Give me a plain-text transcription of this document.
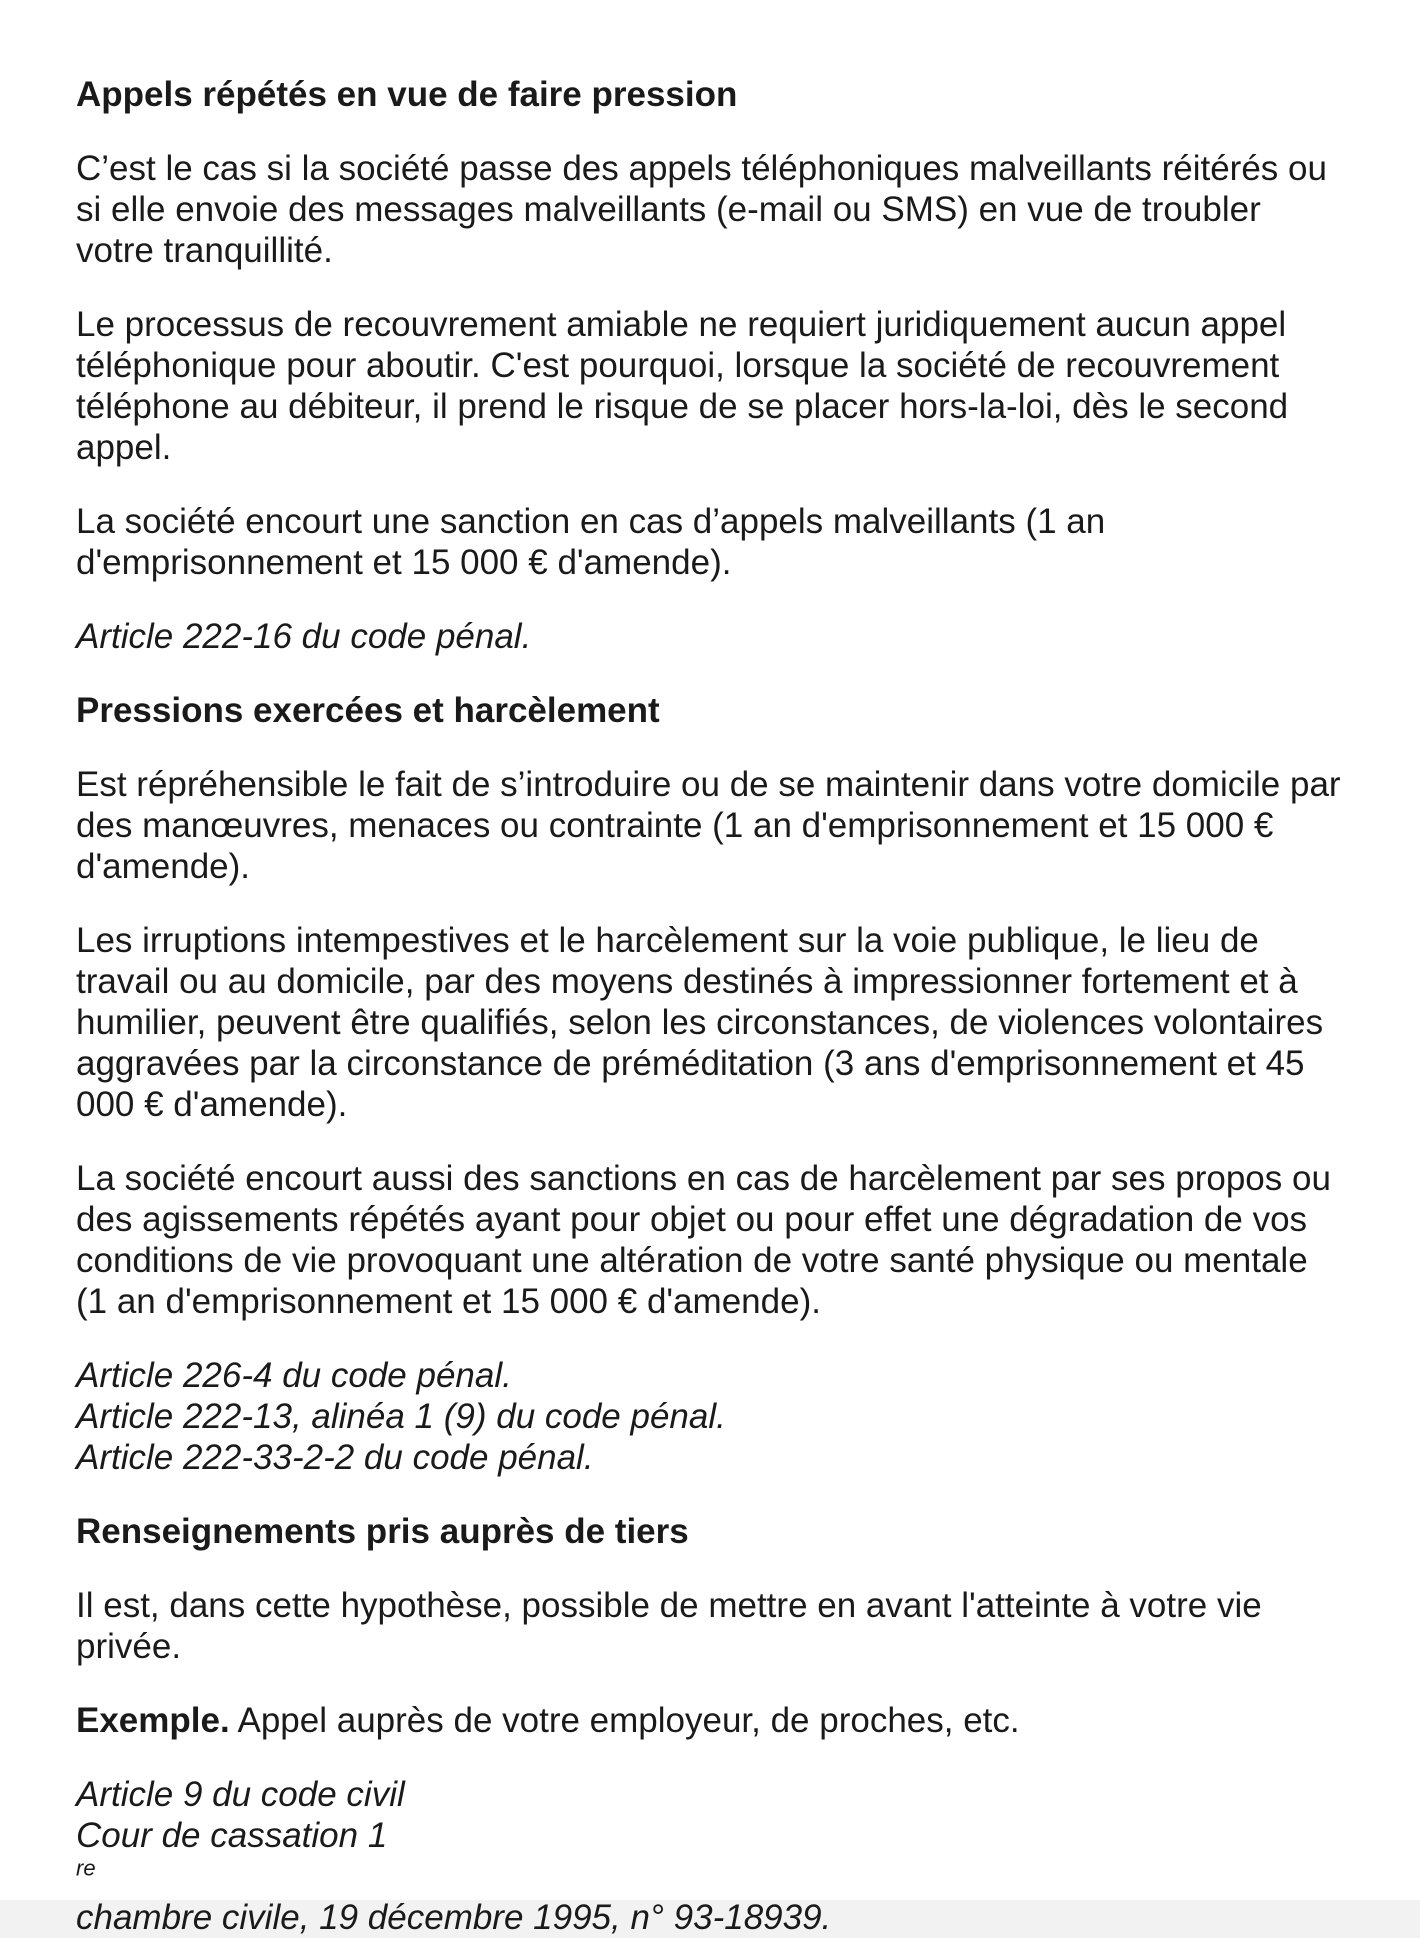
Appels répétés en vue de faire pression

C’est le cas si la société passe des appels téléphoniques malveillants réitérés ou si elle envoie des messages malveillants (e-mail ou SMS) en vue de troubler votre tranquillité.

Le processus de recouvrement amiable ne requiert juridiquement aucun appel téléphonique pour aboutir. C'est pourquoi, lorsque la société de recouvrement téléphone au débiteur, il prend le risque de se placer hors-la-loi, dès le second appel.

La société encourt une sanction en cas d’appels malveillants (1 an d'emprisonnement et 15 000 € d'amende).

Article 222-16 du code pénal.

Pressions exercées et harcèlement

Est répréhensible le fait de s’introduire ou de se maintenir dans votre domicile par des manœuvres, menaces ou contrainte (1 an d'emprisonnement et 15 000 € d'amende).

Les irruptions intempestives et le harcèlement sur la voie publique, le lieu de travail ou au domicile, par des moyens destinés à impressionner fortement et à humilier, peuvent être qualifiés, selon les circonstances, de violences volontaires aggravées par la circonstance de préméditation (3 ans d'emprisonnement et 45 000 € d'amende).

La société encourt aussi des sanctions en cas de harcèlement par ses propos ou des agissements répétés ayant pour objet ou pour effet une dégradation de vos conditions de vie provoquant une altération de votre santé physique ou mentale (1 an d'emprisonnement et 15 000 € d'amende).

Article 226-4 du code pénal.
Article 222-13, alinéa 1 (9) du code pénal.
Article 222-33-2-2 du code pénal.

Renseignements pris auprès de tiers

Il est, dans cette hypothèse, possible de mettre en avant l'atteinte à votre vie privée.

Exemple. Appel auprès de votre employeur, de proches, etc.

Article 9 du code civil
Cour de cassation 1
$^{re}$
chambre civile, 19 décembre 1995, n° 93-18939.
